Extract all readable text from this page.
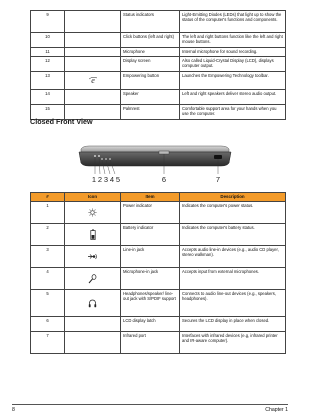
9		Status indicators	Light-Emitting Diodes (LEDs) that light up to show the status of the computer's functions and components.
10		Click buttons (left and right)	The left and right buttons function like the left and right mouse buttons.
11		Microphone	Internal microphone for sound recording.
12		Display screen	Also called Liquid-Crystal Display (LCD), displays computer output.
13	e	Empowering button	Launches the Empowering Technology toolbar.
14		Speaker	Left and right speakers deliver stereo audio output.
15		Palmrest	Comfortable support area for your hands when you use the computer.
Closed Front View
1 2 3 4 5	6	7
#	Icon	Item	Description
1		Power indicator	Indicates the computer's power status.
2		Battery indicator	Indicates the computer's battery status.
3		Line-in jack	Accepts audio line-in devices (e.g., audio CD player, stereo walkman).
4		Microphone-in jack	Accepts input from external microphones.
5		Headphones/speaker/ line-out jack with S/PDIF support	Connects to audio line-out devices (e.g., speakers, headphones).
6		LCD display latch	Secures the LCD display in place when closed.
7		Infrared port	Interfaces with infrared devices (e.g, infrared printer and IR-aware computer).
8	Chapter 1
